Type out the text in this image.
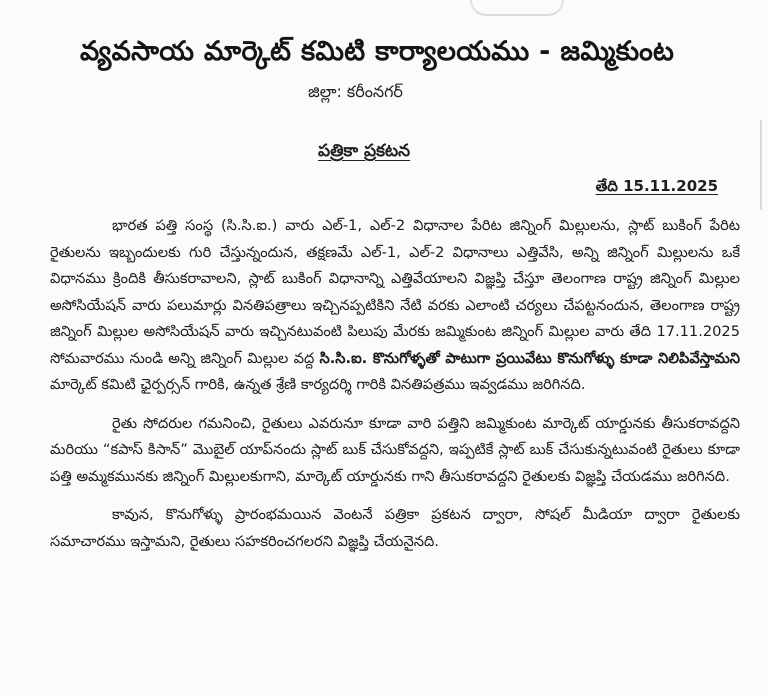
వ్యవసాయ మార్కెట్ కమిటి కార్యాలయము - జమ్మికుంట
జిల్లా: కరీంనగర్
పత్రికా ప్రకటన
తేది 15.11.2025

భారత పత్తి సంస్థ (సి.సి.ఐ.) వారు ఎల్-1, ఎల్-2 విధానాల పేరిట జిన్నింగ్ మిల్లులను, స్లాట్ బుకింగ్ పేరిట రైతులను ఇబ్బందులకు గురి చేస్తున్నందున, తక్షణమే ఎల్-1, ఎల్-2 విధానాలు ఎత్తివేసి, అన్ని జిన్నింగ్ మిల్లులను ఒకే విధానము క్రిందికి తీసుకరావాలని, స్లాట్ బుకింగ్ విధానాన్ని ఎత్తివేయాలని విజ్ఞప్తి చేస్తూ తెలంగాణ రాష్ట్ర జిన్నింగ్ మిల్లుల అసోసియేషన్ వారు పలుమార్లు వినతిపత్రాలు ఇచ్చినప్పటికిని నేటి వరకు ఎలాంటి చర్యలు చేపట్టనందున, తెలంగాణ రాష్ట్ర జిన్నింగ్ మిల్లుల అసోసియేషన్ వారు ఇచ్చినటువంటి పిలుపు మేరకు జమ్మికుంట జిన్నింగ్ మిల్లుల వారు తేది 17.11.2025 సోమవారము నుండి అన్ని జిన్నింగ్ మిల్లుల వద్ద సి.సి.ఐ. కొనుగోళ్ళతో పాటుగా ప్రయివేటు కొనుగోళ్ళు కూడా నిలిపివేస్తామని మార్కెట్ కమిటి ఛైర్పర్సన్ గారికి, ఉన్నత శ్రేణి కార్యదర్శి గారికి వినతిపత్రము ఇవ్వడము జరిగినది.

రైతు సోదరుల గమనించి, రైతులు ఎవరునూ కూడా వారి పత్తిని జమ్మికుంట మార్కెట్ యార్డునకు తీసుకరావద్దని మరియు “కపాస్ కిసాన్” మొబైల్ యాప్‌నందు స్లాట్ బుక్ చేసుకోవద్దని, ఇప్పటికే స్లాట్ బుక్ చేసుకున్నటువంటి రైతులు కూడా పత్తి అమ్మకమునకు జిన్నింగ్ మిల్లులకుగాని, మార్కెట్ యార్డునకు గాని తీసుకరావద్దని రైతులకు విజ్ఞప్తి చేయడము జరిగినది.

కావున, కొనుగోళ్ళు ప్రారంభమయిన వెంటనే పత్రికా ప్రకటన ద్వారా, సోషల్ మీడియా ద్వారా రైతులకు సమాచారము ఇస్తామని, రైతులు సహకరించగలరని విజ్ఞప్తి చేయనైనది.
